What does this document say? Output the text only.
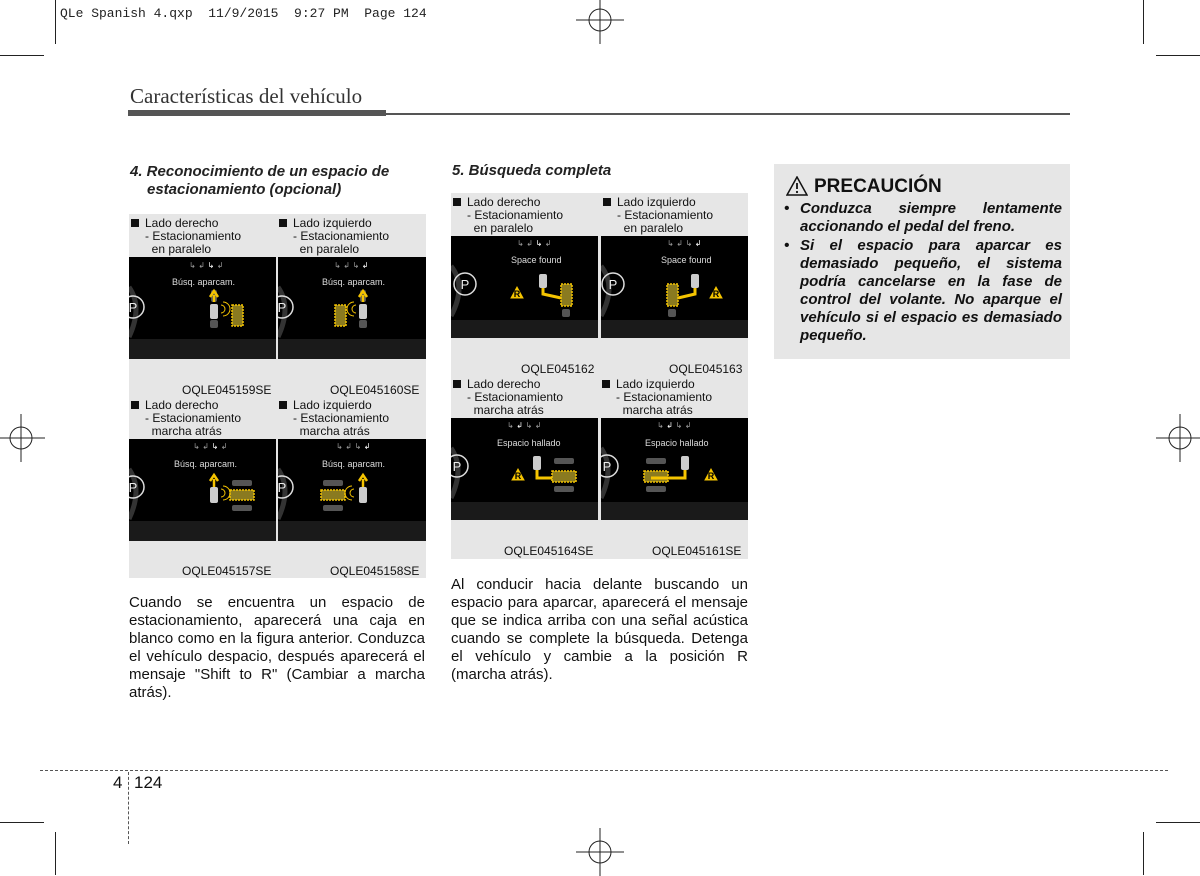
QLe Spanish 4.qxp  11/9/2015  9:27 PM  Page 124
Características del vehículo
4. Reconocimiento de un espacio de
estacionamiento (opcional)
Lado derecho
- Estacionamiento
en paralelo
Lado izquierdo
- Estacionamiento
en paralelo
Lado derecho
- Estacionamiento
marcha atrás
Lado izquierdo
- Estacionamiento
marcha atrás
P
↳ ↲ ↳ ↲
Búsq. aparcam.
P
↳ ↲ ↳ ↲
Búsq. aparcam.
P
↳ ↲ ↳ ↲
Búsq. aparcam.
P
↳ ↲ ↳ ↲
Búsq. aparcam.
OQLE045159SE	OQLE045160SE
OQLE045157SE	OQLE045158SE
Cuando se encuentra un espacio de estacionamiento, aparecerá una caja en blanco como en la figura anterior. Conduzca el vehículo despacio, después aparecerá el mensaje "Shift to R" (Cambiar a marcha atrás).
5. Búsqueda completa
Lado derecho
- Estacionamiento
en paralelo
Lado izquierdo
- Estacionamiento
en paralelo
Lado derecho
- Estacionamiento
marcha atrás
Lado izquierdo
- Estacionamiento
marcha atrás
P
↳ ↲ ↳ ↲
Space found
R
P
↳ ↲ ↳ ↲
Space found
R
P
↳ ↲ ↳ ↲
Espacio hallado
R
P
↳ ↲ ↳ ↲
Espacio hallado
R
OQLE045162	OQLE045163
OQLE045164SE	OQLE045161SE
Al conducir hacia delante buscando un espacio para aparcar, aparecerá el mensaje que se indica arriba con una señal acústica cuando se complete la búsqueda. Detenga el vehículo y cambie a la posición R (marcha atrás).
PRECAUCIÓN
• Conduzca siempre lentamente accionando el pedal del freno.
• Si el espacio para aparcar es demasiado pequeño, el sistema podría cancelarse en la fase de control del volante. No aparque el vehículo si el espacio es demasiado pequeño.
4 124
